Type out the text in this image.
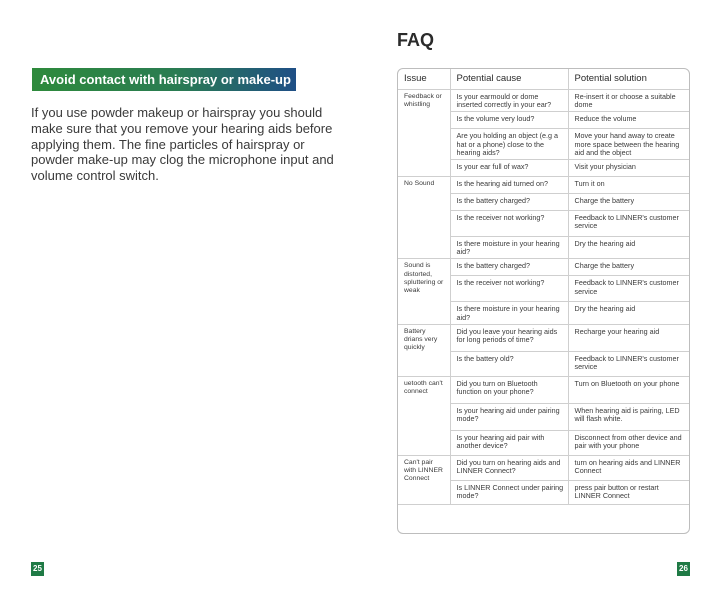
Avoid contact with hairspray or make-up
If you use powder makeup or hairspray you should make sure that you remove your hearing aids before applying them. The fine particles of hairspray or powder make-up may clog the microphone input and volume control switch.
25
FAQ
Issue	Potential cause	Potential solution
Feedback or whistling	Is your earmould or dome inserted correctly in your ear?	Re-insert it or choose a suitable dome
	Is the volume very loud?	Reduce the volume
	Are you holding an object (e.g a hat or a phone) close to the hearing aids?	Move your hand away to create more space between the hearing aid and the object
	Is your ear full of wax?	Visit your physician
No Sound	Is the hearing aid turned on?	Turn it on
	Is the battery charged?	Charge the battery
	Is the receiver not working?	Feedback to LINNER's customer service
	Is there moisture in your hearing aid?	Dry the hearing aid
Sound is distorted, spluttering or weak	Is the battery charged?	Charge the battery
	Is the receiver not working?	Feedback to LINNER's customer service
	Is there moisture in your hearing aid?	Dry the hearing aid
Battery drians very quickly	Did you leave your hearing aids for long periods of time?	Recharge your hearing aid
	Is the battery old?	Feedback to LINNER's customer service
uetooth can't connect	Did you turn on Bluetooth function on your phone?	Turn on Bluetooth on your phone
	Is your hearing aid under pairing mode?	When hearing aid is pairing, LED will flash white.
	Is your hearing aid pair with another device?	Disconnect from other device and pair with your phone
Can't pair with LINNER Connect	Did you turn on hearing aids and LINNER Connect?	turn on hearing aids and LINNER Connect
	Is LINNER Connect under pairing mode?	press pair button or restart LINNER Connect
26
